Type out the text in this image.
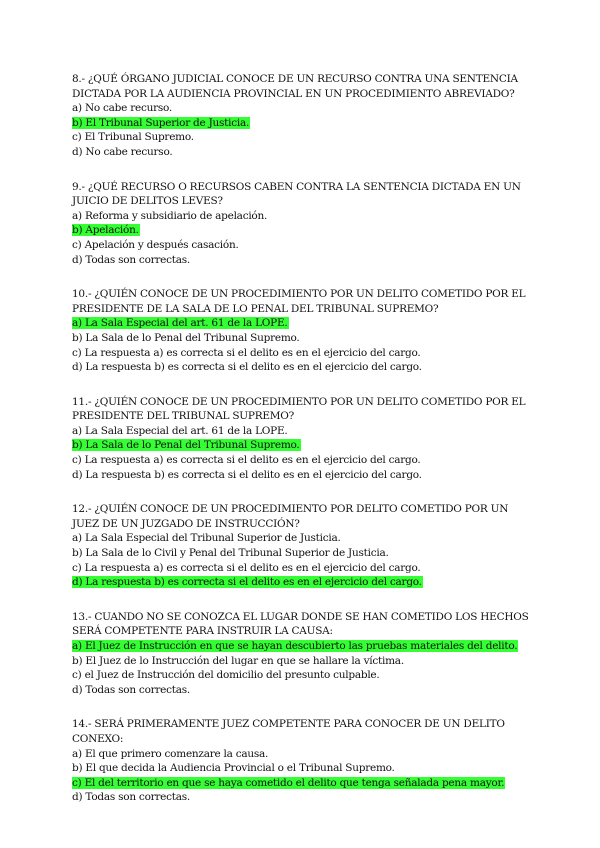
8.- ¿QUÉ ÓRGANO JUDICIAL CONOCE DE UN RECURSO CONTRA UNA SENTENCIA
DICTADA POR LA AUDIENCIA PROVINCIAL EN UN PROCEDIMIENTO ABREVIADO?

a) No cabe recurso.
b) El Tribunal Superior de Justicia.
c) El Tribunal Supremo.
d) No cabe recurso.

9.- ¿QUÉ RECURSO O RECURSOS CABEN CONTRA LA SENTENCIA DICTADA EN UN
JUICIO DE DELITOS LEVES?

a) Reforma y subsidiario de apelación.
b) Apelación.
c) Apelación y después casación.
d) Todas son correctas.

10.- ¿QUIÉN CONOCE DE UN PROCEDIMIENTO POR UN DELITO COMETIDO POR EL
PRESIDENTE DE LA SALA DE LO PENAL DEL TRIBUNAL SUPREMO?

a) La Sala Especial del art. 61 de la LOPE.
b) La Sala de lo Penal del Tribunal Supremo.
c) La respuesta a) es correcta si el delito es en el ejercicio del cargo.
d) La respuesta b) es correcta si el delito es en el ejercicio del cargo.

11.- ¿QUIÉN CONOCE DE UN PROCEDIMIENTO POR UN DELITO COMETIDO POR EL
PRESIDENTE DEL TRIBUNAL SUPREMO?

a) La Sala Especial del art. 61 de la LOPE.
b) La Sala de lo Penal del Tribunal Supremo.
c) La respuesta a) es correcta si el delito es en el ejercicio del cargo.
d) La respuesta b) es correcta si el delito es en el ejercicio del cargo.

12.- ¿QUIÉN CONOCE DE UN PROCEDIMIENTO POR DELITO COMETIDO POR UN
JUEZ DE UN JUZGADO DE INSTRUCCIÓN?

a) La Sala Especial del Tribunal Superior de Justicia.
b) La Sala de lo Civil y Penal del Tribunal Superior de Justicia.
c) La respuesta a) es correcta si el delito es en el ejercicio del cargo.
d) La respuesta b) es correcta si el delito es en el ejercicio del cargo.

13.- CUANDO NO SE CONOZCA EL LUGAR DONDE SE HAN COMETIDO LOS HECHOS
SERÁ COMPETENTE PARA INSTRUIR LA CAUSA:

a) El Juez de Instrucción en que se hayan descubierto las pruebas materiales del delito.
b) El Juez de lo Instrucción del lugar en que se hallare la víctima.
c) el Juez de Instrucción del domicilio del presunto culpable.
d) Todas son correctas.

14.- SERÁ PRIMERAMENTE JUEZ COMPETENTE PARA CONOCER DE UN DELITO
CONEXO:

a) El que primero comenzare la causa.
b) El que decida la Audiencia Provincial o el Tribunal Supremo.
c) El del territorio en que se haya cometido el delito que tenga señalada pena mayor.
d) Todas son correctas.
